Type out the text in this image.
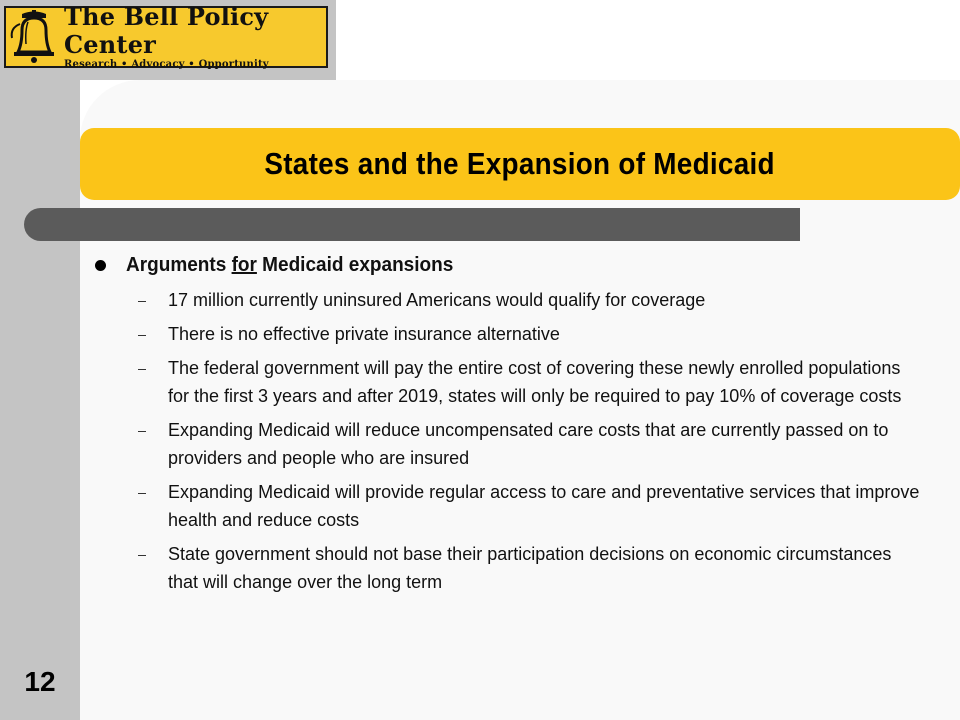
The Bell Policy Center
Research • Advocacy • Opportunity
States and the Expansion of Medicaid
Arguments for Medicaid expansions
17 million currently uninsured Americans would qualify for coverage
There is no effective private insurance alternative
The federal government will pay the entire cost of covering these newly enrolled populations for the first 3 years and after 2019, states will only be required to pay 10% of coverage costs
Expanding Medicaid will reduce uncompensated care costs that are currently passed on to providers and people who are insured
Expanding Medicaid will provide regular access to care and preventative services that improve health and reduce costs
State government should not base their participation decisions on economic circumstances that will change over the long term
12
